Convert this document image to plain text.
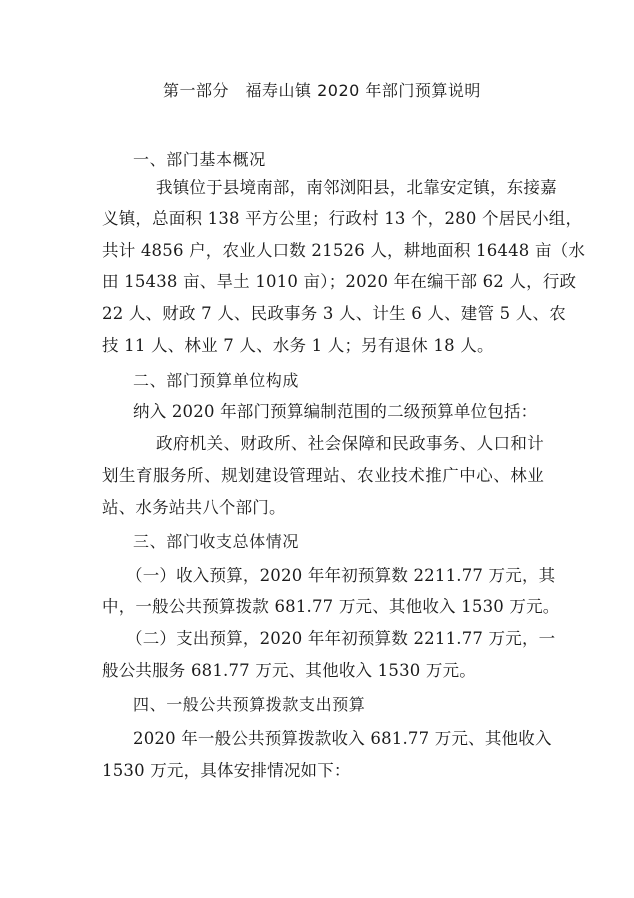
第一部分　福寿山镇 2020 年部门预算说明
一、部门基本概况
我镇位于县境南部，南邻浏阳县，北靠安定镇，东接嘉
义镇，总面积 138 平方公里；行政村 13 个，280 个居民小组，
共计 4856 户，农业人口数 21526 人，耕地面积 16448 亩（水
田 15438 亩、旱土 1010 亩）；2020 年在编干部 62 人，行政
22 人、财政 7 人、民政事务 3 人、计生 6 人、建管 5 人、农
技 11 人、林业 7 人、水务 1 人；另有退休 18 人。
二、部门预算单位构成
纳入 2020 年部门预算编制范围的二级预算单位包括：
政府机关、财政所、社会保障和民政事务、人口和计
划生育服务所、规划建设管理站、农业技术推广中心、林业
站、水务站共八个部门。
三、部门收支总体情况
（一）收入预算，2020 年年初预算数 2211.77 万元，其
中，一般公共预算拨款 681.77 万元、其他收入 1530 万元。
（二）支出预算，2020 年年初预算数 2211.77 万元，一
般公共服务 681.77 万元、其他收入 1530 万元。
四、一般公共预算拨款支出预算
2020 年一般公共预算拨款收入 681.77 万元、其他收入
1530 万元，具体安排情况如下：
